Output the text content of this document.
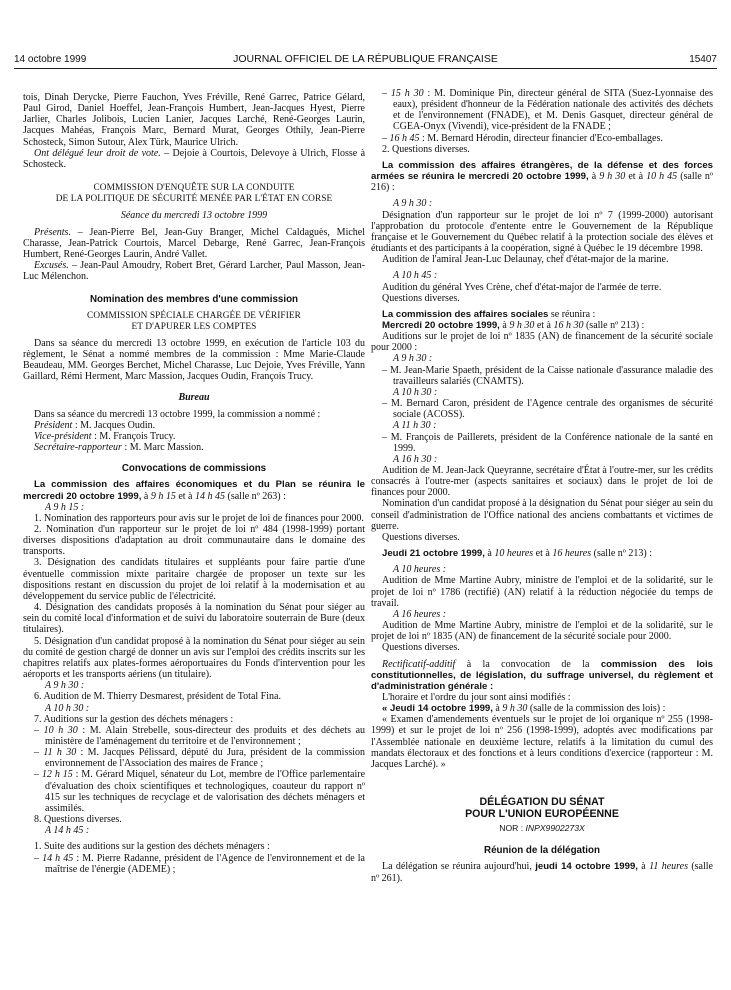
14 octobre 1999	JOURNAL OFFICIEL DE LA RÉPUBLIQUE FRANÇAISE	15407

tois, Dinah Derycke, Pierre Fauchon, Yves Fréville, René Garrec, Patrice Gélard, Paul Girod, Daniel Hoeffel, Jean-François Humbert, Jean-Jacques Hyest, Pierre Jarlier, Charles Jolibois, Lucien Lanier, Jacques Larché, René-Georges Laurin, Jacques Mahéas, François Marc, Bernard Murat, Georges Othily, Jean-Pierre Schosteck, Simon Sutour, Alex Türk, Maurice Ulrich.

Ont délégué leur droit de vote. – Dejoie à Courtois, Delevoye à Ulrich, Flosse à Schosteck.

COMMISSION D'ENQUÊTE SUR LA CONDUITE

DE LA POLITIQUE DE SÉCURITÉ MENÉE PAR L'ÉTAT EN CORSE

Séance du mercredi 13 octobre 1999

Présents. – Jean-Pierre Bel, Jean-Guy Branger, Michel Caldaguès, Michel Charasse, Jean-Patrick Courtois, Marcel Debarge, René Garrec, Jean-François Humbert, René-Georges Laurin, André Vallet.

Excusés. – Jean-Paul Amoudry, Robert Bret, Gérard Larcher, Paul Masson, Jean-Luc Mélenchon.

Nomination des membres d'une commission

COMMISSION SPÉCIALE CHARGÉE DE VÉRIFIER

ET D'APURER LES COMPTES

Dans sa séance du mercredi 13 octobre 1999, en exécution de l'article 103 du règlement, le Sénat a nommé membres de la commission : Mme Marie-Claude Beaudeau, MM. Georges Berchet, Michel Charasse, Luc Dejoie, Yves Fréville, Yann Gaillard, Rémi Herment, Marc Massion, Jacques Oudin, François Trucy.

Bureau

Dans sa séance du mercredi 13 octobre 1999, la commission a nommé :

Président : M. Jacques Oudin.

Vice-président : M. François Trucy.

Secrétaire-rapporteur : M. Marc Massion.

Convocations de commissions

La commission des affaires économiques et du Plan se réunira le mercredi 20 octobre 1999, à 9 h 15 et à 14 h 45 (salle nº 263) :

A 9 h 15 :

1. Nomination des rapporteurs pour avis sur le projet de loi de finances pour 2000.

2. Nomination d'un rapporteur sur le projet de loi nº 484 (1998-1999) portant diverses dispositions d'adaptation au droit communautaire dans le domaine des transports.

3. Désignation des candidats titulaires et suppléants pour faire partie d'une éventuelle commission mixte paritaire chargée de proposer un texte sur les dispositions restant en discussion du projet de loi relatif à la modernisation et au développement du service public de l'électricité.

4. Désignation des candidats proposés à la nomination du Sénat pour siéger au sein du comité local d'information et de suivi du laboratoire souterrain de Bure (deux titulaires).

5. Désignation d'un candidat proposé à la nomination du Sénat pour siéger au sein du comité de gestion chargé de donner un avis sur l'emploi des crédits inscrits sur les chapitres relatifs aux plates-formes aéroportuaires du Fonds d'intervention pour les aéroports et les transports aériens (un titulaire).

A 9 h 30 :

6. Audition de M. Thierry Desmarest, président de Total Fina.

A 10 h 30 :

7. Auditions sur la gestion des déchets ménagers :

– 10 h 30 : M. Alain Strebelle, sous-directeur des produits et des déchets au ministère de l'aménagement du territoire et de l'environnement ;

– 11 h 30 : M. Jacques Pélissard, député du Jura, président de la commission environnement de l'Association des maires de France ;

– 12 h 15 : M. Gérard Miquel, sénateur du Lot, membre de l'Office parlementaire d'évaluation des choix scientifiques et technologiques, coauteur du rapport nº 415 sur les techniques de recyclage et de valorisation des déchets ménagers et assimilés.

8. Questions diverses.

A 14 h 45 :

1. Suite des auditions sur la gestion des déchets ménagers :

– 14 h 45 : M. Pierre Radanne, président de l'Agence de l'environnement et de la maîtrise de l'énergie (ADEME) ;

– 15 h 30 : M. Dominique Pin, directeur général de SITA (Suez-Lyonnaise des eaux), président d'honneur de la Fédération nationale des activités des déchets et de l'environnement (FNADE), et M. Denis Gasquet, directeur général de CGEA-Onyx (Vivendi), vice-président de la FNADE ;

– 16 h 45 : M. Bernard Hérodin, directeur financier d'Eco-emballages.

2. Questions diverses.

La commission des affaires étrangères, de la défense et des forces armées se réunira le mercredi 20 octobre 1999, à 9 h 30 et à 10 h 45 (salle nº 216) :

A 9 h 30 :

Désignation d'un rapporteur sur le projet de loi nº 7 (1999-2000) autorisant l'approbation du protocole d'entente entre le Gouvernement de la République française et le Gouvernement du Québec relatif à la protection sociale des élèves et étudiants et des participants à la coopération, signé à Québec le 19 décembre 1998.

Audition de l'amiral Jean-Luc Delaunay, chef d'état-major de la marine.

A 10 h 45 :

Audition du général Yves Crène, chef d'état-major de l'armée de terre.

Questions diverses.

La commission des affaires sociales se réunira :

Mercredi 20 octobre 1999, à 9 h 30 et à 16 h 30 (salle nº 213) :

Auditions sur le projet de loi nº 1835 (AN) de financement de la sécurité sociale pour 2000 :

A 9 h 30 :

– M. Jean-Marie Spaeth, président de la Caisse nationale d'assurance maladie des travailleurs salariés (CNAMTS).

A 10 h 30 :

– M. Bernard Caron, président de l'Agence centrale des organismes de sécurité sociale (ACOSS).

A 11 h 30 :

– M. François de Paillerets, président de la Conférence nationale de la santé en 1999.

A 16 h 30 :

Audition de M. Jean-Jack Queyranne, secrétaire d'État à l'outre-mer, sur les crédits consacrés à l'outre-mer (aspects sanitaires et sociaux) dans le projet de loi de finances pour 2000.

Nomination d'un candidat proposé à la désignation du Sénat pour siéger au sein du conseil d'administration de l'Office national des anciens combattants et victimes de guerre.

Questions diverses.

Jeudi 21 octobre 1999, à 10 heures et à 16 heures (salle nº 213) :

A 10 heures :

Audition de Mme Martine Aubry, ministre de l'emploi et de la solidarité, sur le projet de loi nº 1786 (rectifié) (AN) relatif à la réduction négociée du temps de travail.

A 16 heures :

Audition de Mme Martine Aubry, ministre de l'emploi et de la solidarité, sur le projet de loi nº 1835 (AN) de financement de la sécurité sociale pour 2000.

Questions diverses.

Rectificatif-additif à la convocation de la commission des lois constitutionnelles, de législation, du suffrage universel, du règlement et d'administration générale :

L'horaire et l'ordre du jour sont ainsi modifiés :

« Jeudi 14 octobre 1999, à 9 h 30 (salle de la commission des lois) :

« Examen d'amendements éventuels sur le projet de loi organique nº 255 (1998-1999) et sur le projet de loi nº 256 (1998-1999), adoptés avec modifications par l'Assemblée nationale en deuxième lecture, relatifs à la limitation du cumul des mandats électoraux et des fonctions et à leurs conditions d'exercice (rapporteur : M. Jacques Larché). »

DÉLÉGATION DU SÉNAT

POUR L'UNION EUROPÉENNE

NOR : INPX9902273X

Réunion de la délégation

La délégation se réunira aujourd'hui, jeudi 14 octobre 1999, à 11 heures (salle nº 261).
